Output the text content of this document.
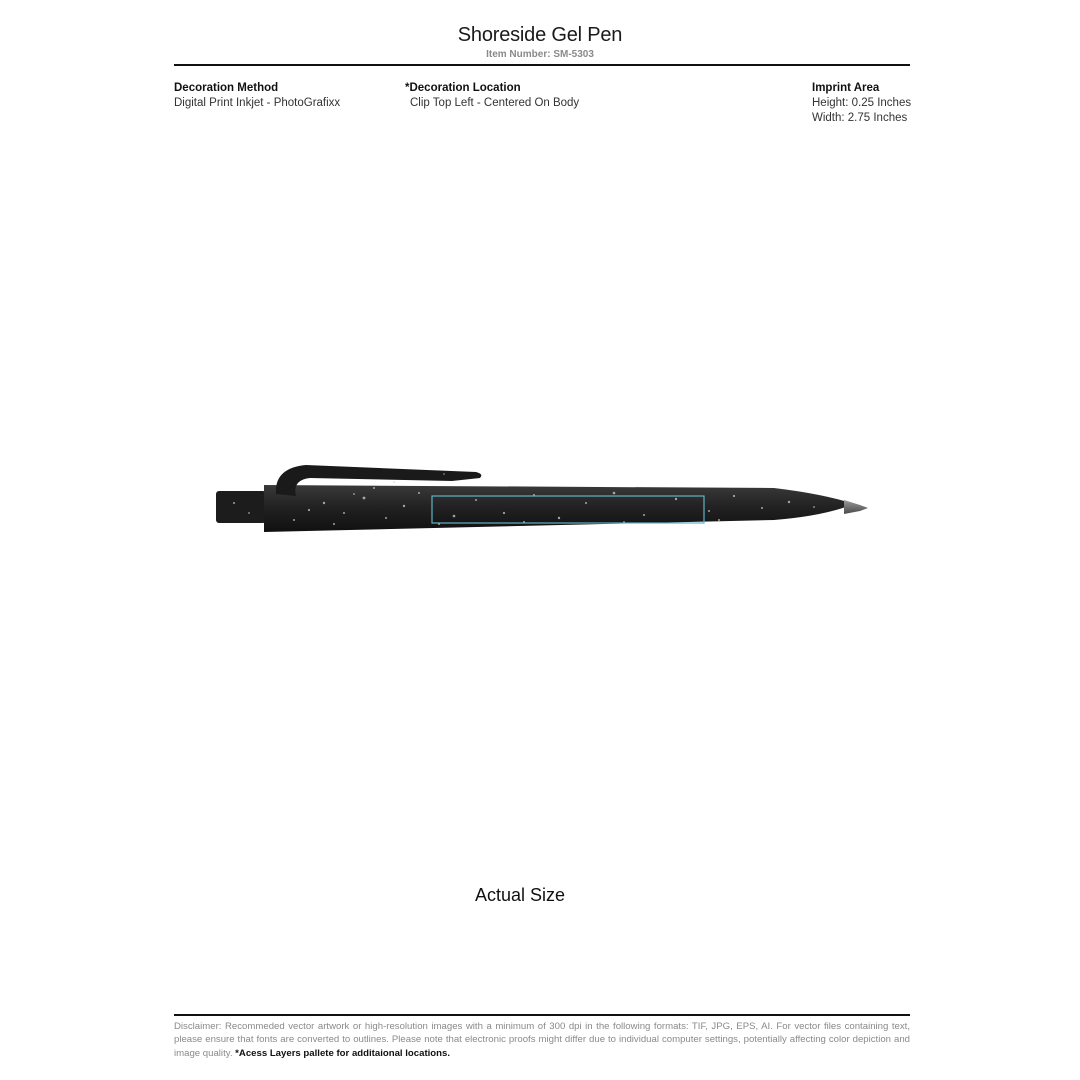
Shoreside Gel Pen
Item Number: SM-5303
Decoration Method
Digital Print Inkjet - PhotoGrafixx
*Decoration Location
Clip Top Left - Centered On Body
Imprint Area
Height: 0.25 Inches
Width: 2.75 Inches
Actual Size
Disclaimer: Recommeded vector artwork or high-resolution images with a minimum of 300 dpi in the following formats: TIF, JPG, EPS, AI. For vector files containing text, please ensure that fonts are converted to outlines. Please note that electronic proofs might differ due to individual computer settings, potentially affecting color depiction and image quality. *Acess Layers pallete for additaional locations.
